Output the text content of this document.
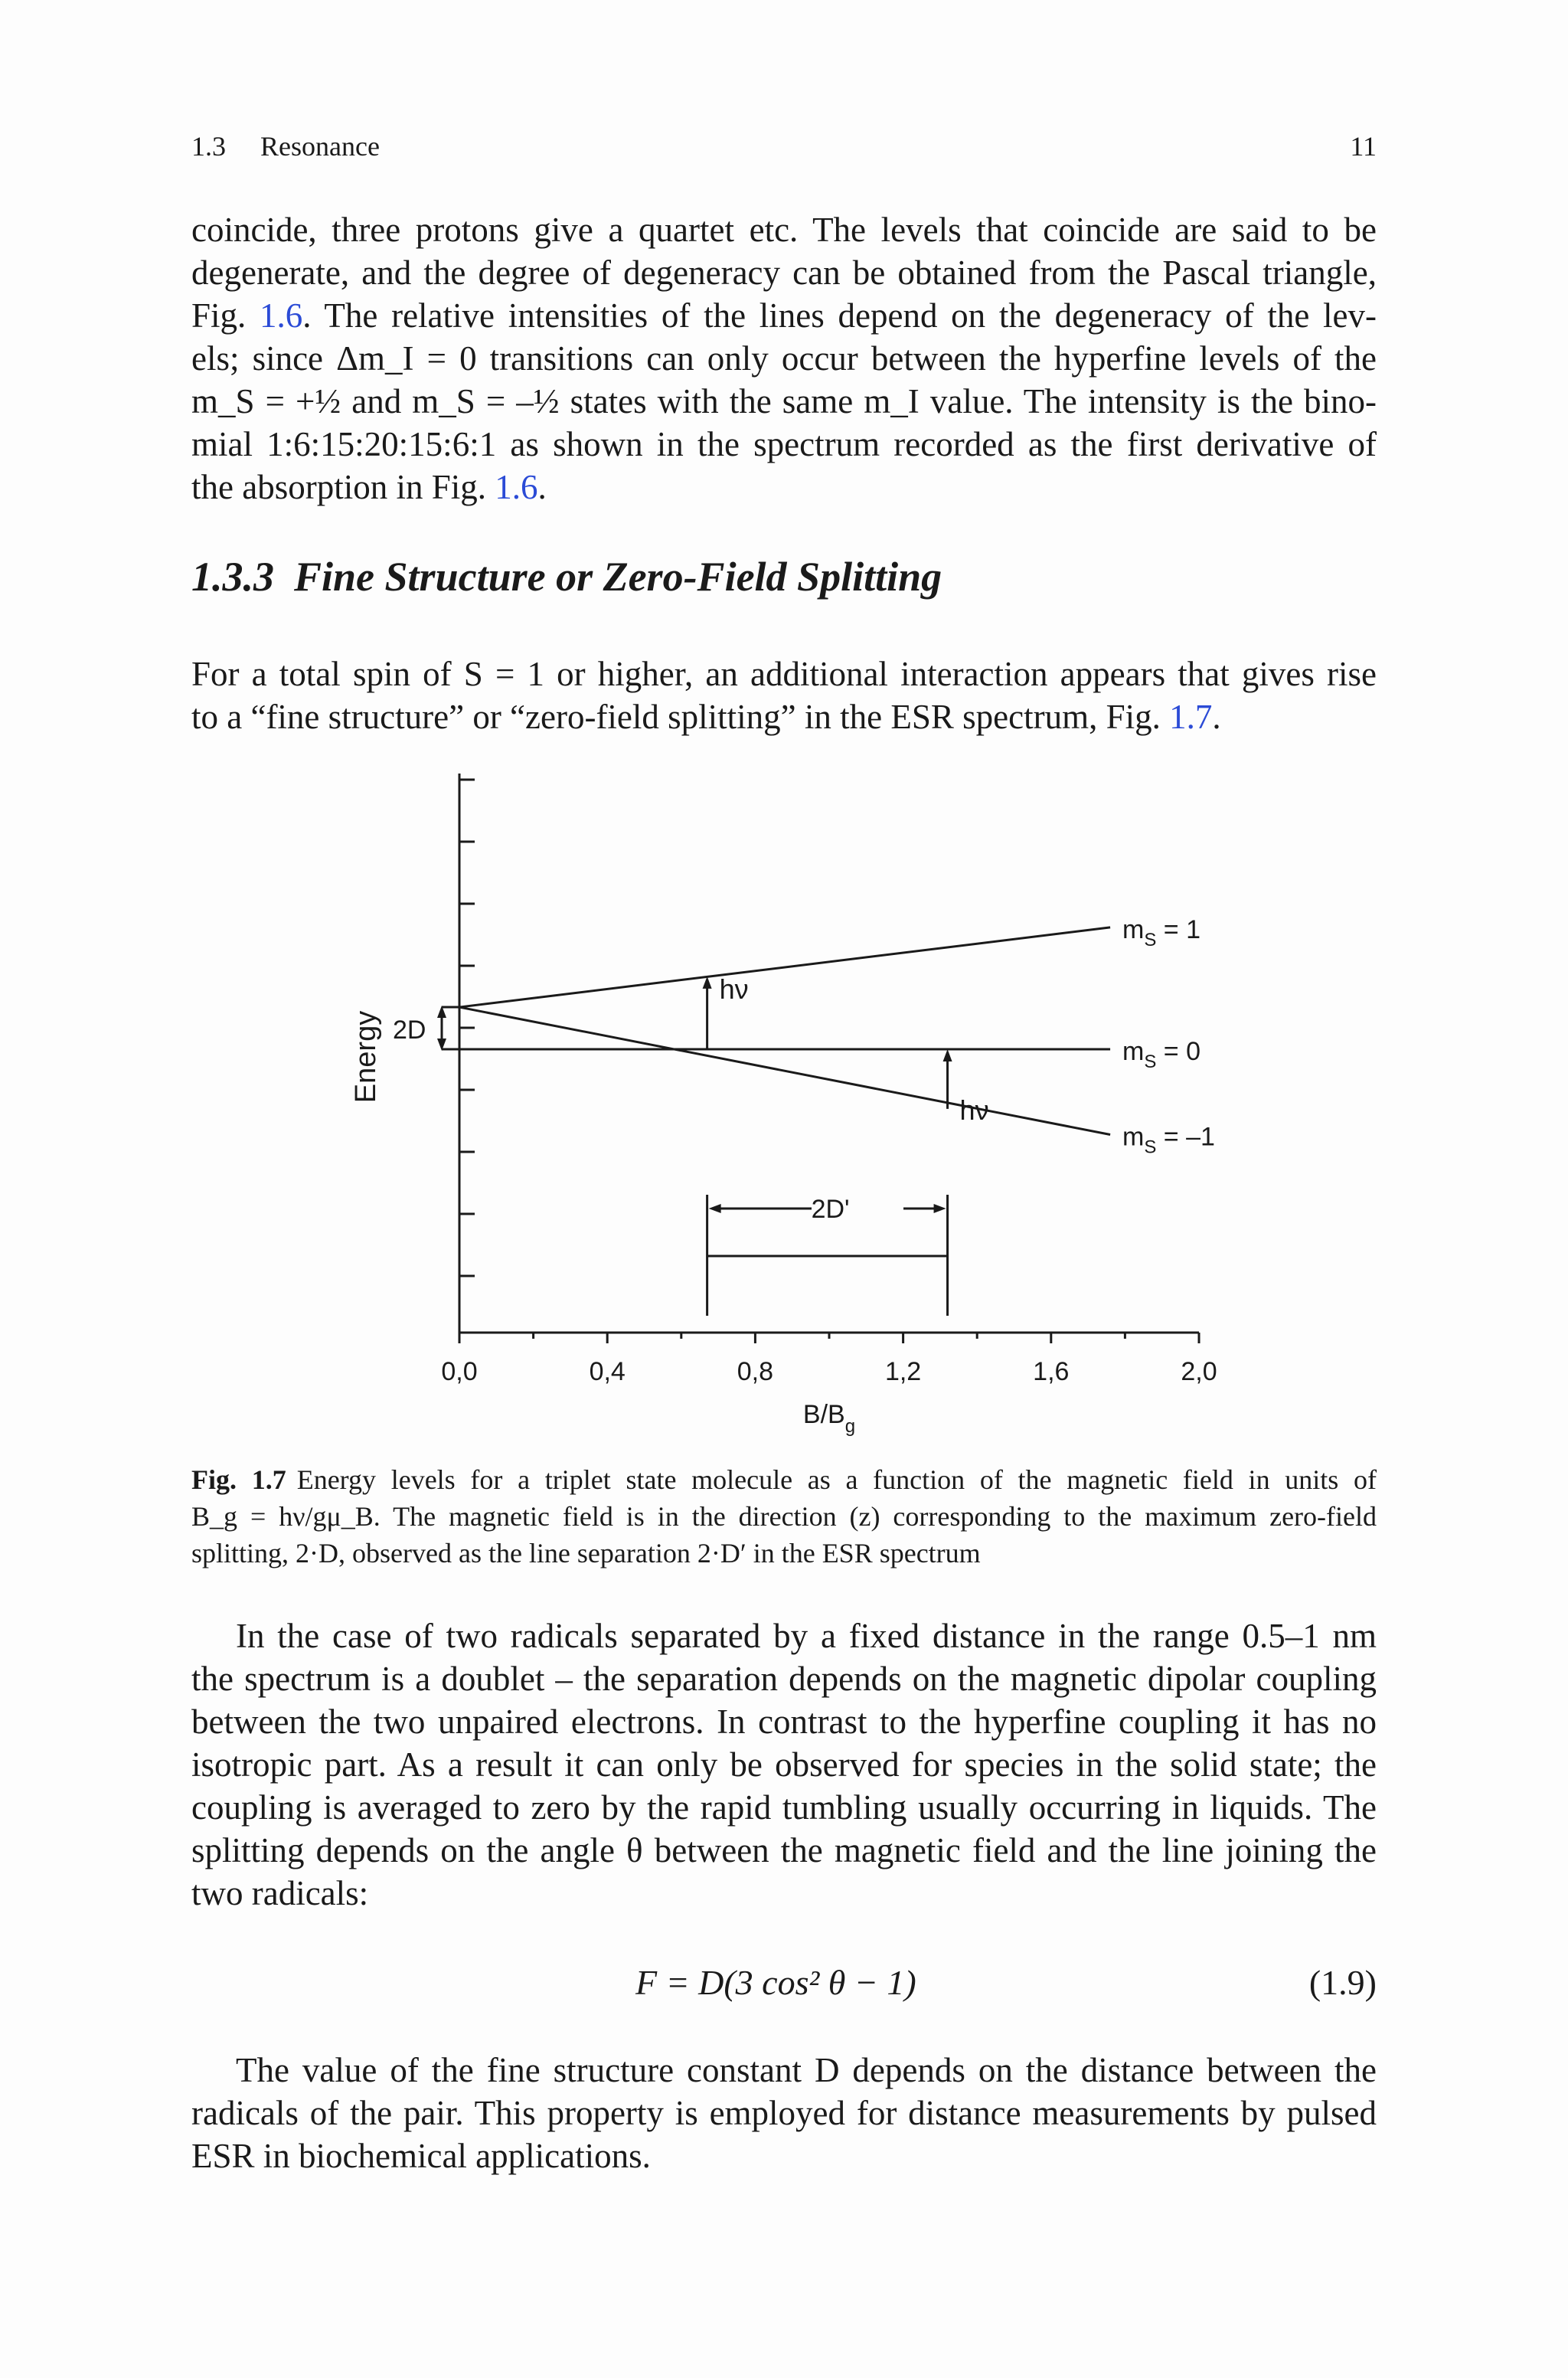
1.3 Resonance	11
coincide, three protons give a quartet etc. The levels that coincide are said to be
degenerate, and the degree of degeneracy can be obtained from the Pascal triangle,
Fig. 1.6. The relative intensities of the lines depend on the degeneracy of the lev-
els; since Δm_I = 0 transitions can only occur between the hyperfine levels of the
m_S = +½ and m_S = –½ states with the same m_I value. The intensity is the bino-
mial 1:6:15:20:15:6:1 as shown in the spectrum recorded as the first derivative of
the absorption in Fig. 1.6.
1.3.3 Fine Structure or Zero-Field Splitting
For a total spin of S = 1 or higher, an additional interaction appears that gives rise
to a “fine structure” or “zero-field splitting” in the ESR spectrum, Fig. 1.7.
0,0	0,4	0,8	1,2	1,6	2,0
$m_S = 1$
$m_S = 0$
$m_S = -1$
hν
hν
2D
2D'
Energy
$B/B_g$
Fig. 1.7 Energy levels for a triplet state molecule as a function of the magnetic field in units of
B_g = hν/gμ_B. The magnetic field is in the direction (z) corresponding to the maximum zero-field
splitting, 2·D, observed as the line separation 2·D′ in the ESR spectrum
In the case of two radicals separated by a fixed distance in the range 0.5–1 nm
the spectrum is a doublet – the separation depends on the magnetic dipolar coupling
between the two unpaired electrons. In contrast to the hyperfine coupling it has no
isotropic part. As a result it can only be observed for species in the solid state; the
coupling is averaged to zero by the rapid tumbling usually occurring in liquids. The
splitting depends on the angle θ between the magnetic field and the line joining the
two radicals:
F = D(3 cos² θ − 1)	(1.9)
The value of the fine structure constant D depends on the distance between the
radicals of the pair. This property is employed for distance measurements by pulsed
ESR in biochemical applications.
